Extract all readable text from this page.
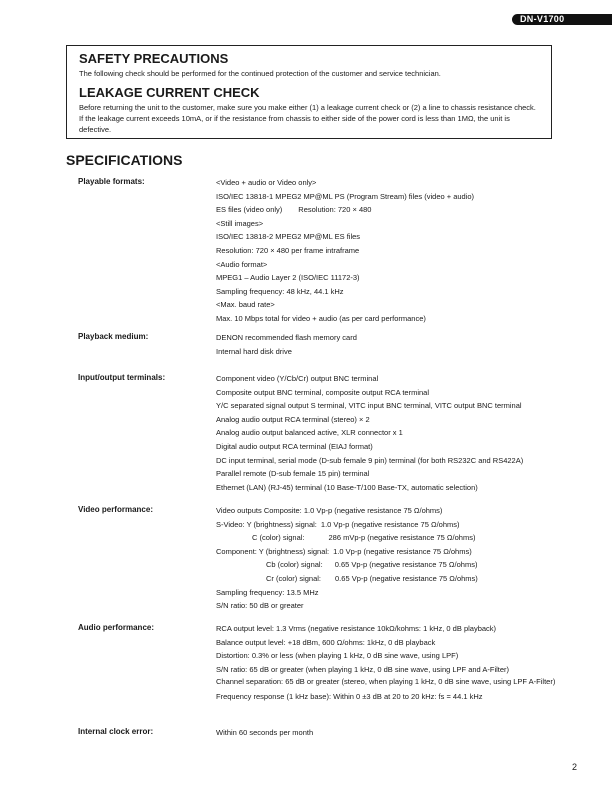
DN-V1700

SAFETY PRECAUTIONS

The following check should be performed for the continued protection of the customer and service technician.

LEAKAGE CURRENT CHECK

Before returning the unit to the customer, make sure you make either (1) a leakage current check or (2) a line to chassis resistance check. If the leakage current exceeds 10mA, or if the resistance from chassis to either side of the power cord is less than 1MΩ, the unit is defective.

SPECIFICATIONS

Playable formats:	<Video + audio or Video only>

ISO/IEC 13818-1 MPEG2 MP@ML PS (Program Stream) files (video + audio)

ES files (video only) Resolution: 720 × 480

<Still images>

ISO/IEC 13818-2 MPEG2 MP@ML ES files

Resolution: 720 × 480 per frame intraframe

<Audio format>

MPEG1 – Audio Layer 2 (ISO/IEC 11172-3)

Sampling frequency: 48 kHz, 44.1 kHz

<Max. baud rate>

Max. 10 Mbps total for video + audio (as per card performance)

Playback medium:	DENON recommended flash memory card

Internal hard disk drive

Input/output terminals:	Component video (Y/Cb/Cr) output BNC terminal

Composite output BNC terminal, composite output RCA terminal

Y/C separated signal output S terminal, VITC input BNC terminal, VITC output BNC terminal

Analog audio output RCA terminal (stereo) × 2

Analog audio output balanced active, XLR connector x 1

Digital audio output RCA terminal (EIAJ format)

DC input terminal, serial mode (D-sub female 9 pin) terminal (for both RS232C and RS422A)

Parallel remote (D-sub female 15 pin) terminal

Ethernet (LAN) (RJ-45) terminal (10 Base-T/100 Base-TX, automatic selection)

Video performance:	Video outputs Composite: 1.0 Vp-p (negative resistance 75 Ω/ohms)

S-Video: Y (brightness) signal: 1.0 Vp-p (negative resistance 75 Ω/ohms)

C (color) signal:	286 mVp-p (negative resistance 75 Ω/ohms)

Component: Y (brightness) signal: 1.0 Vp-p (negative resistance 75 Ω/ohms)

Cb (color) signal: 0.65 Vp-p (negative resistance 75 Ω/ohms)

Cr (color) signal: 0.65 Vp-p (negative resistance 75 Ω/ohms)

Sampling frequency: 13.5 MHz

S/N ratio: 50 dB or greater

Audio performance:	RCA output level: 1.3 Vrms (negative resistance 10kΩ/kohms: 1 kHz, 0 dB playback)

Balance output level: +18 dBm, 600 Ω/ohms: 1kHz, 0 dB playback

Distortion: 0.3% or less (when playing 1 kHz, 0 dB sine wave, using LPF)

S/N ratio: 65 dB or greater (when playing 1 kHz, 0 dB sine wave, using LPF and A-Filter)

Channel separation: 65 dB or greater (stereo, when playing 1 kHz, 0 dB sine wave, using LPF A-Filter)

Frequency response (1 kHz base): Within 0 ±3 dB at 20 to 20 kHz: fs = 44.1 kHz

Internal clock error:	Within 60 seconds per month

2
